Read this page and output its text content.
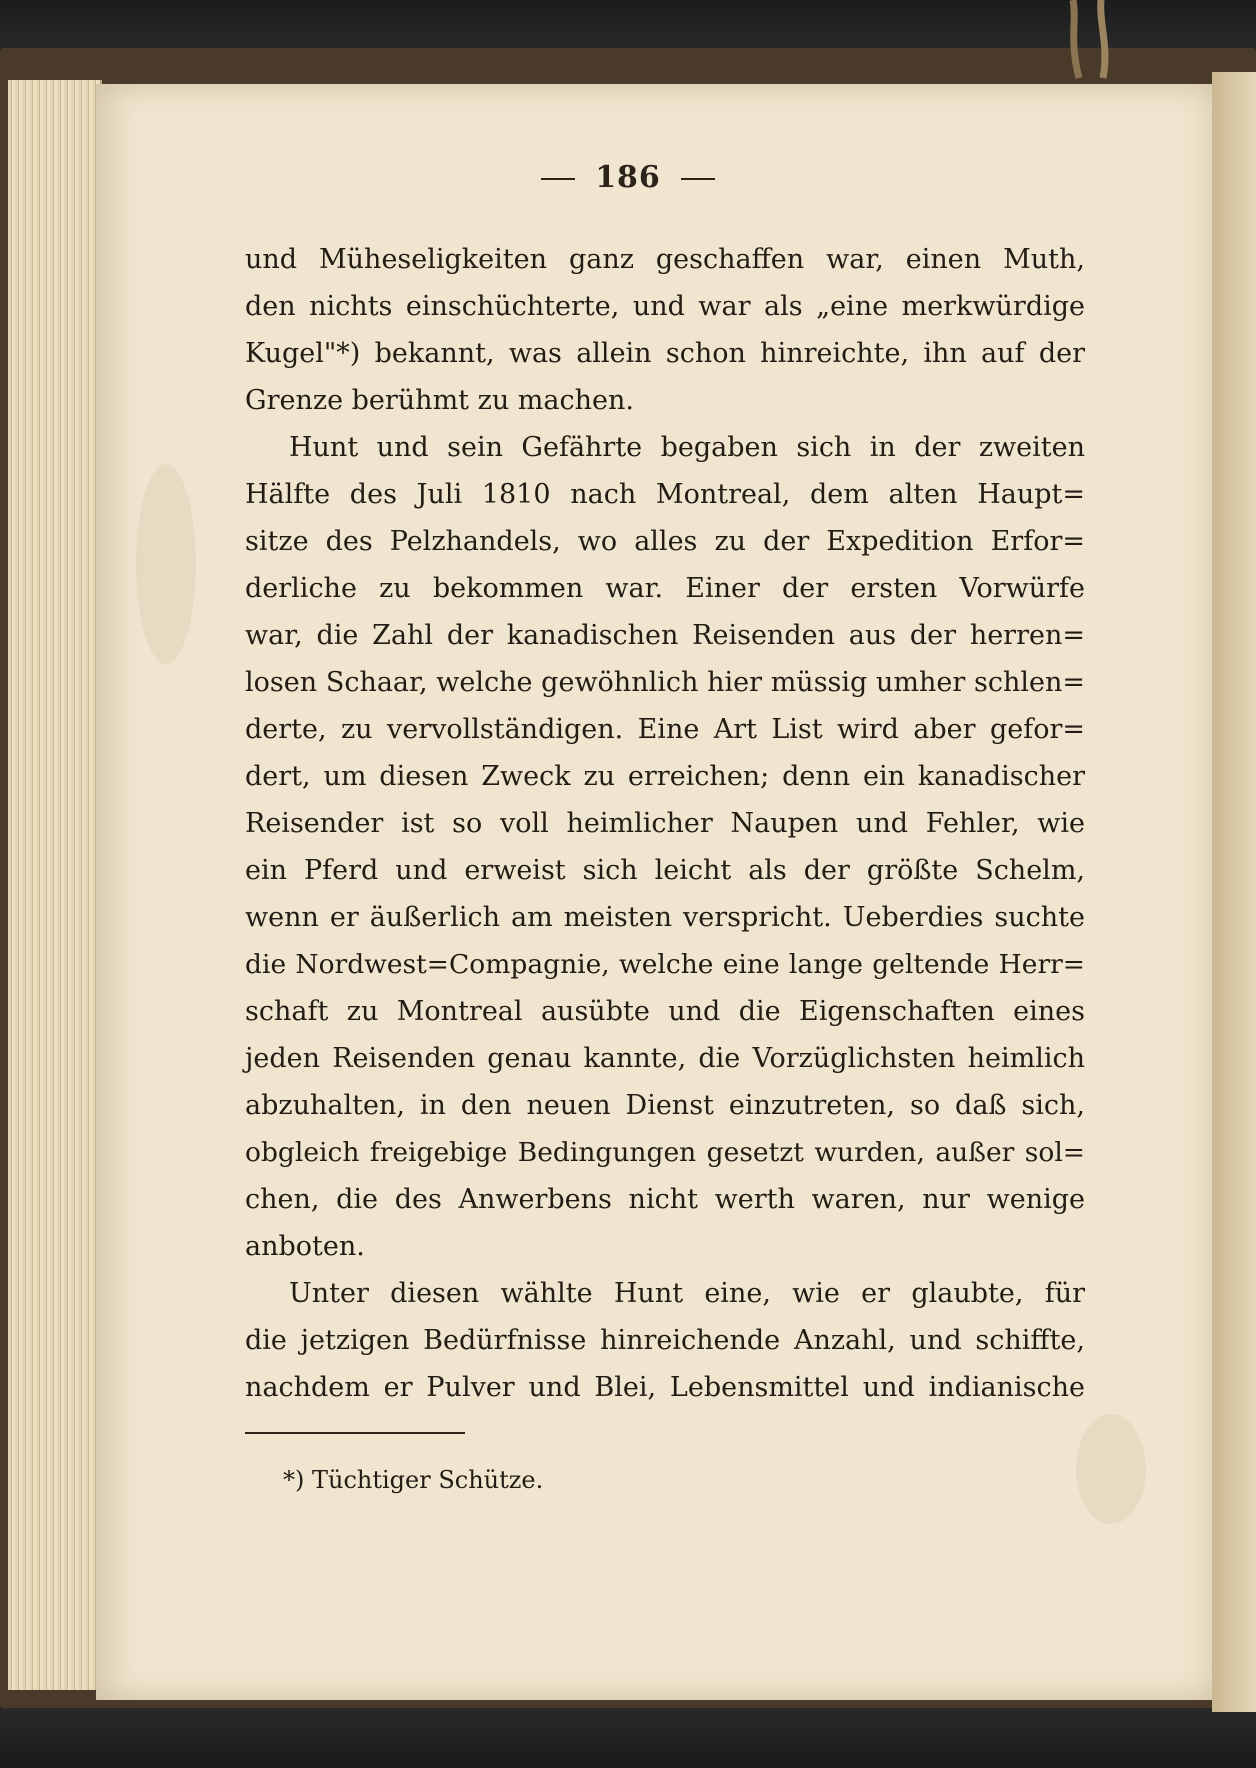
186
und Müheseligkeiten ganz geschaffen war, einen Muth,
den nichts einschüchterte, und war als „eine merkwürdige
Kugel"*) bekannt, was allein schon hinreichte, ihn auf der
Grenze berühmt zu machen.
Hunt und sein Gefährte begaben sich in der zweiten
Hälfte des Juli 1810 nach Montreal, dem alten Haupt=
sitze des Pelzhandels, wo alles zu der Expedition Erfor=
derliche zu bekommen war. Einer der ersten Vorwürfe
war, die Zahl der kanadischen Reisenden aus der herren=
losen Schaar, welche gewöhnlich hier müssig umher schlen=
derte, zu vervollständigen. Eine Art List wird aber gefor=
dert, um diesen Zweck zu erreichen; denn ein kanadischer
Reisender ist so voll heimlicher Naupen und Fehler, wie
ein Pferd und erweist sich leicht als der größte Schelm,
wenn er äußerlich am meisten verspricht. Ueberdies suchte
die Nordwest=Compagnie, welche eine lange geltende Herr=
schaft zu Montreal ausübte und die Eigenschaften eines
jeden Reisenden genau kannte, die Vorzüglichsten heimlich
abzuhalten, in den neuen Dienst einzutreten, so daß sich,
obgleich freigebige Bedingungen gesetzt wurden, außer sol=
chen, die des Anwerbens nicht werth waren, nur wenige
anboten.
Unter diesen wählte Hunt eine, wie er glaubte, für
die jetzigen Bedürfnisse hinreichende Anzahl, und schiffte,
nachdem er Pulver und Blei, Lebensmittel und indianische
*) Tüchtiger Schütze.
